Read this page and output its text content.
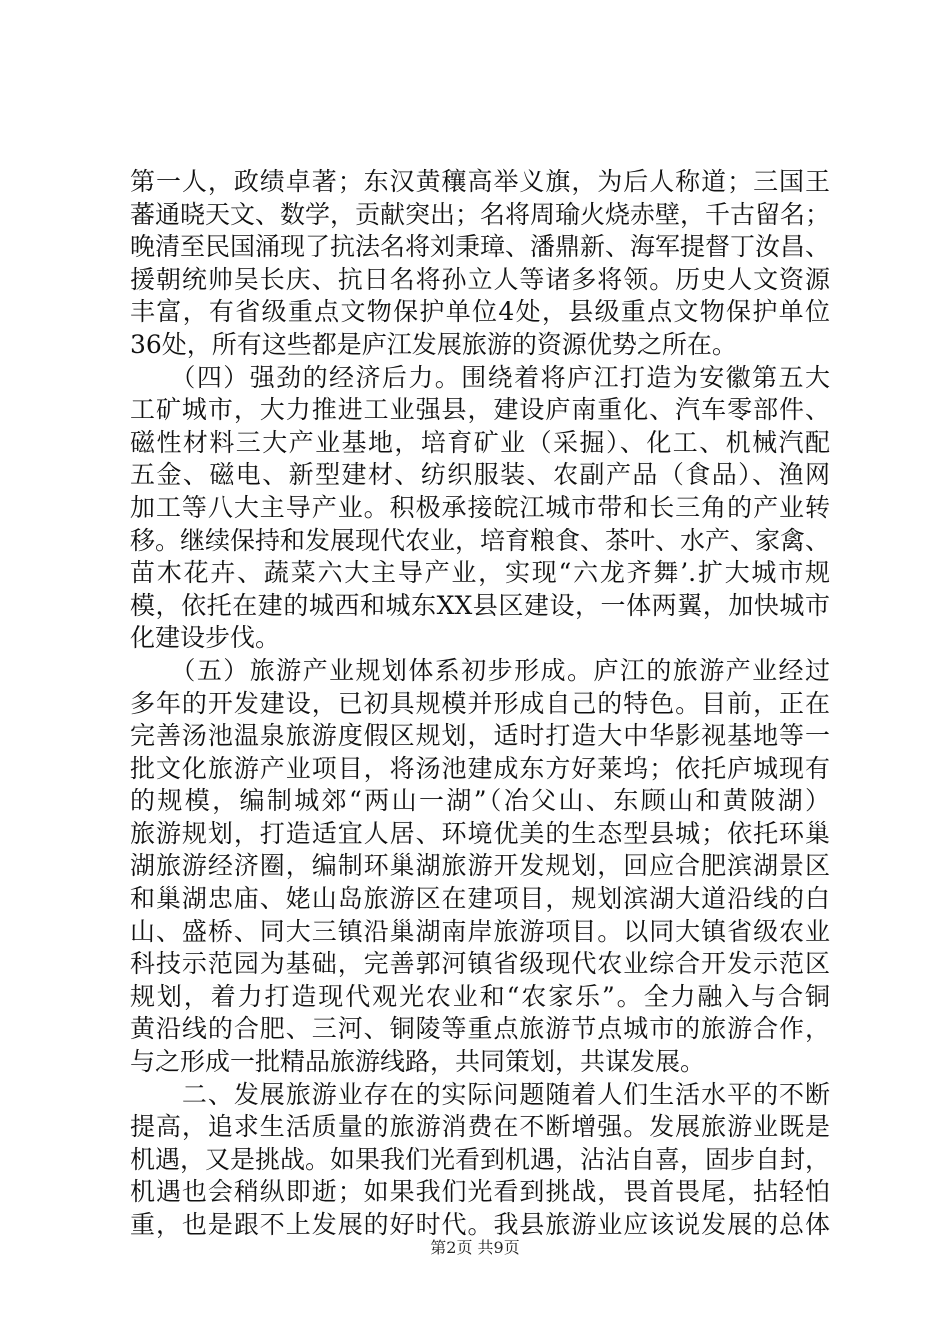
第一人，政绩卓著；东汉黄穰高举义旗，为后人称道；三国王
蕃通晓天文、数学，贡献突出；名将周瑜火烧赤壁，千古留名；
晚清至民国涌现了抗法名将刘秉璋、潘鼎新、海军提督丁汝昌、
援朝统帅吴长庆、抗日名将孙立人等诸多将领。历史人文资源
丰富，有省级重点文物保护单位4处，县级重点文物保护单位
36处，所有这些都是庐江发展旅游的资源优势之所在。
　　（四）强劲的经济后力。围绕着将庐江打造为安徽第五大
工矿城市，大力推进工业强县，建设庐南重化、汽车零部件、
磁性材料三大产业基地，培育矿业（采掘）、化工、机械汽配
五金、磁电、新型建材、纺织服装、农副产品（食品）、渔网
加工等八大主导产业。积极承接皖江城市带和长三角的产业转
移。继续保持和发展现代农业，培育粮食、茶叶、水产、家禽、
苗木花卉、蔬菜六大主导产业，实现“六龙齐舞’.扩大城市规
模，依托在建的城西和城东XX县区建设，一体两翼，加快城市
化建设步伐。
　　（五）旅游产业规划体系初步形成。庐江的旅游产业经过
多年的开发建设，已初具规模并形成自己的特色。目前，正在
完善汤池温泉旅游度假区规划，适时打造大中华影视基地等一
批文化旅游产业项目，将汤池建成东方好莱坞；依托庐城现有
的规模，编制城郊“两山一湖”（冶父山、东顾山和黄陂湖）
旅游规划，打造适宜人居、环境优美的生态型县城；依托环巢
湖旅游经济圈，编制环巢湖旅游开发规划，回应合肥滨湖景区
和巢湖忠庙、姥山岛旅游区在建项目，规划滨湖大道沿线的白
山、盛桥、同大三镇沿巢湖南岸旅游项目。以同大镇省级农业
科技示范园为基础，完善郭河镇省级现代农业综合开发示范区
规划，着力打造现代观光农业和“农家乐”。全力融入与合铜
黄沿线的合肥、三河、铜陵等重点旅游节点城市的旅游合作，
与之形成一批精品旅游线路，共同策划，共谋发展。
　　二、发展旅游业存在的实际问题随着人们生活水平的不断
提高，追求生活质量的旅游消费在不断增强。发展旅游业既是
机遇，又是挑战。如果我们光看到机遇，沾沾自喜，固步自封，
机遇也会稍纵即逝；如果我们光看到挑战，畏首畏尾，拈轻怕
重，也是跟不上发展的好时代。我县旅游业应该说发展的总体
第2页 共9页
